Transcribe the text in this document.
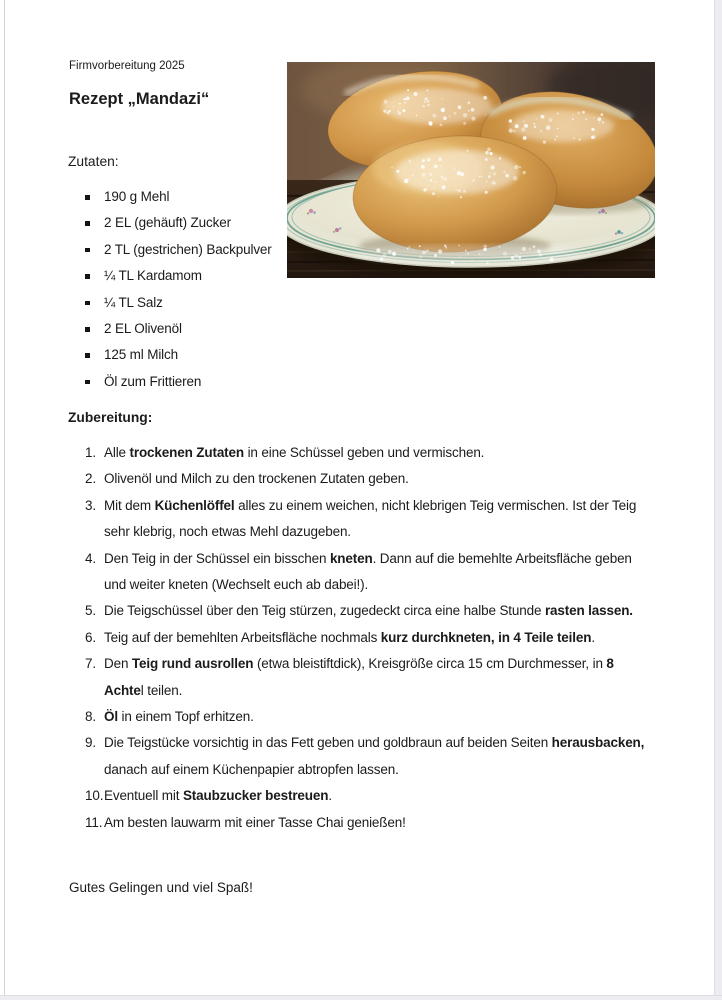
Firmvorbereitung 2025
Rezept „Mandazi“
Zutaten:
190 g Mehl
2 EL (gehäuft) Zucker
2 TL (gestrichen) Backpulver
¼ TL Kardamom
¼ TL Salz
2 EL Olivenöl
125 ml Milch
Öl zum Frittieren
Zubereitung:
1. Alle trockenen Zutaten in eine Schüssel geben und vermischen.
2. Olivenöl und Milch zu den trockenen Zutaten geben.
3. Mit dem Küchenlöffel alles zu einem weichen, nicht klebrigen Teig vermischen. Ist der Teig sehr klebrig, noch etwas Mehl dazugeben.
4. Den Teig in der Schüssel ein bisschen kneten. Dann auf die bemehlte Arbeitsfläche geben und weiter kneten (Wechselt euch ab dabei!).
5. Die Teigschüssel über den Teig stürzen, zugedeckt circa eine halbe Stunde rasten lassen.
6. Teig auf der bemehlten Arbeitsfläche nochmals kurz durchkneten, in 4 Teile teilen.
7. Den Teig rund ausrollen (etwa bleistiftdick), Kreisgröße circa 15 cm Durchmesser, in 8 Achtel teilen.
8. Öl in einem Topf erhitzen.
9. Die Teigstücke vorsichtig in das Fett geben und goldbraun auf beiden Seiten herausbacken, danach auf einem Küchenpapier abtropfen lassen.
10.Eventuell mit Staubzucker bestreuen.
11. Am besten lauwarm mit einer Tasse Chai genießen!
Gutes Gelingen und viel Spaß!
